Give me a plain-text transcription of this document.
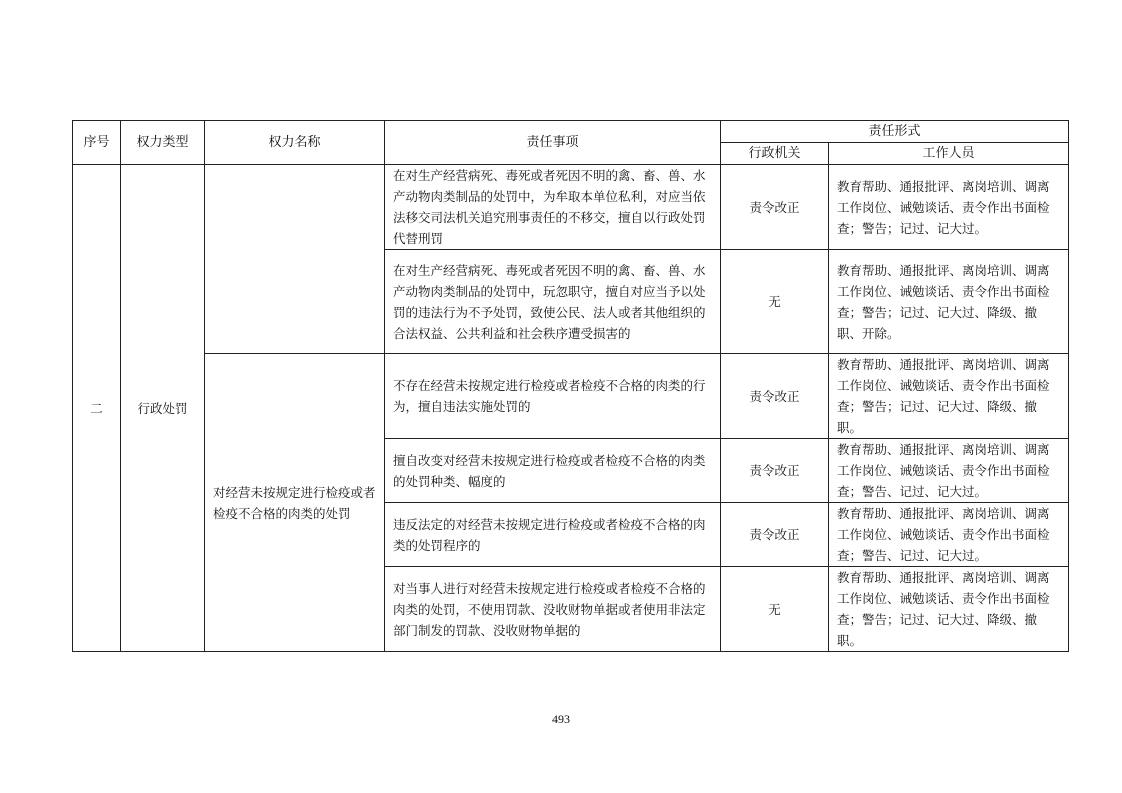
序号	权力类型	权力名称	责任事项	责任形式	
				行政机关	工作人员
二	行政处罚		在对生产经营病死、毒死或者死因不明的禽、畜、兽、水产动物肉类制品的处罚中，为牟取本单位私利，对应当依法移交司法机关追究刑事责任的不移交，擅自以行政处罚代替刑罚	责令改正	教育帮助、通报批评、离岗培训、调离工作岗位、诫勉谈话、责令作出书面检查；警告；记过、记大过。
			在对生产经营病死、毒死或者死因不明的禽、畜、兽、水产动物肉类制品的处罚中，玩忽职守，擅自对应当予以处罚的违法行为不予处罚，致使公民、法人或者其他组织的合法权益、公共利益和社会秩序遭受损害的	无	教育帮助、通报批评、离岗培训、调离工作岗位、诫勉谈话、责令作出书面检查；警告；记过、记大过、降级、撤职、开除。
		对经营未按规定进行检疫或者检疫不合格的肉类的处罚	不存在经营未按规定进行检疫或者检疫不合格的肉类的行为，擅自违法实施处罚的	责令改正	教育帮助、通报批评、离岗培训、调离工作岗位、诫勉谈话、责令作出书面检查；警告；记过、记大过、降级、撤职。
			擅自改变对经营未按规定进行检疫或者检疫不合格的肉类的处罚种类、幅度的	责令改正	教育帮助、通报批评、离岗培训、调离工作岗位、诫勉谈话、责令作出书面检查；警告、记过、记大过。
			违反法定的对经营未按规定进行检疫或者检疫不合格的肉类的处罚程序的	责令改正	教育帮助、通报批评、离岗培训、调离工作岗位、诫勉谈话、责令作出书面检查；警告、记过、记大过。
			对当事人进行对经营未按规定进行检疫或者检疫不合格的肉类的处罚，不使用罚款、没收财物单据或者使用非法定部门制发的罚款、没收财物单据的	无	教育帮助、通报批评、离岗培训、调离工作岗位、诫勉谈话、责令作出书面检查；警告；记过、记大过、降级、撤职。
493
